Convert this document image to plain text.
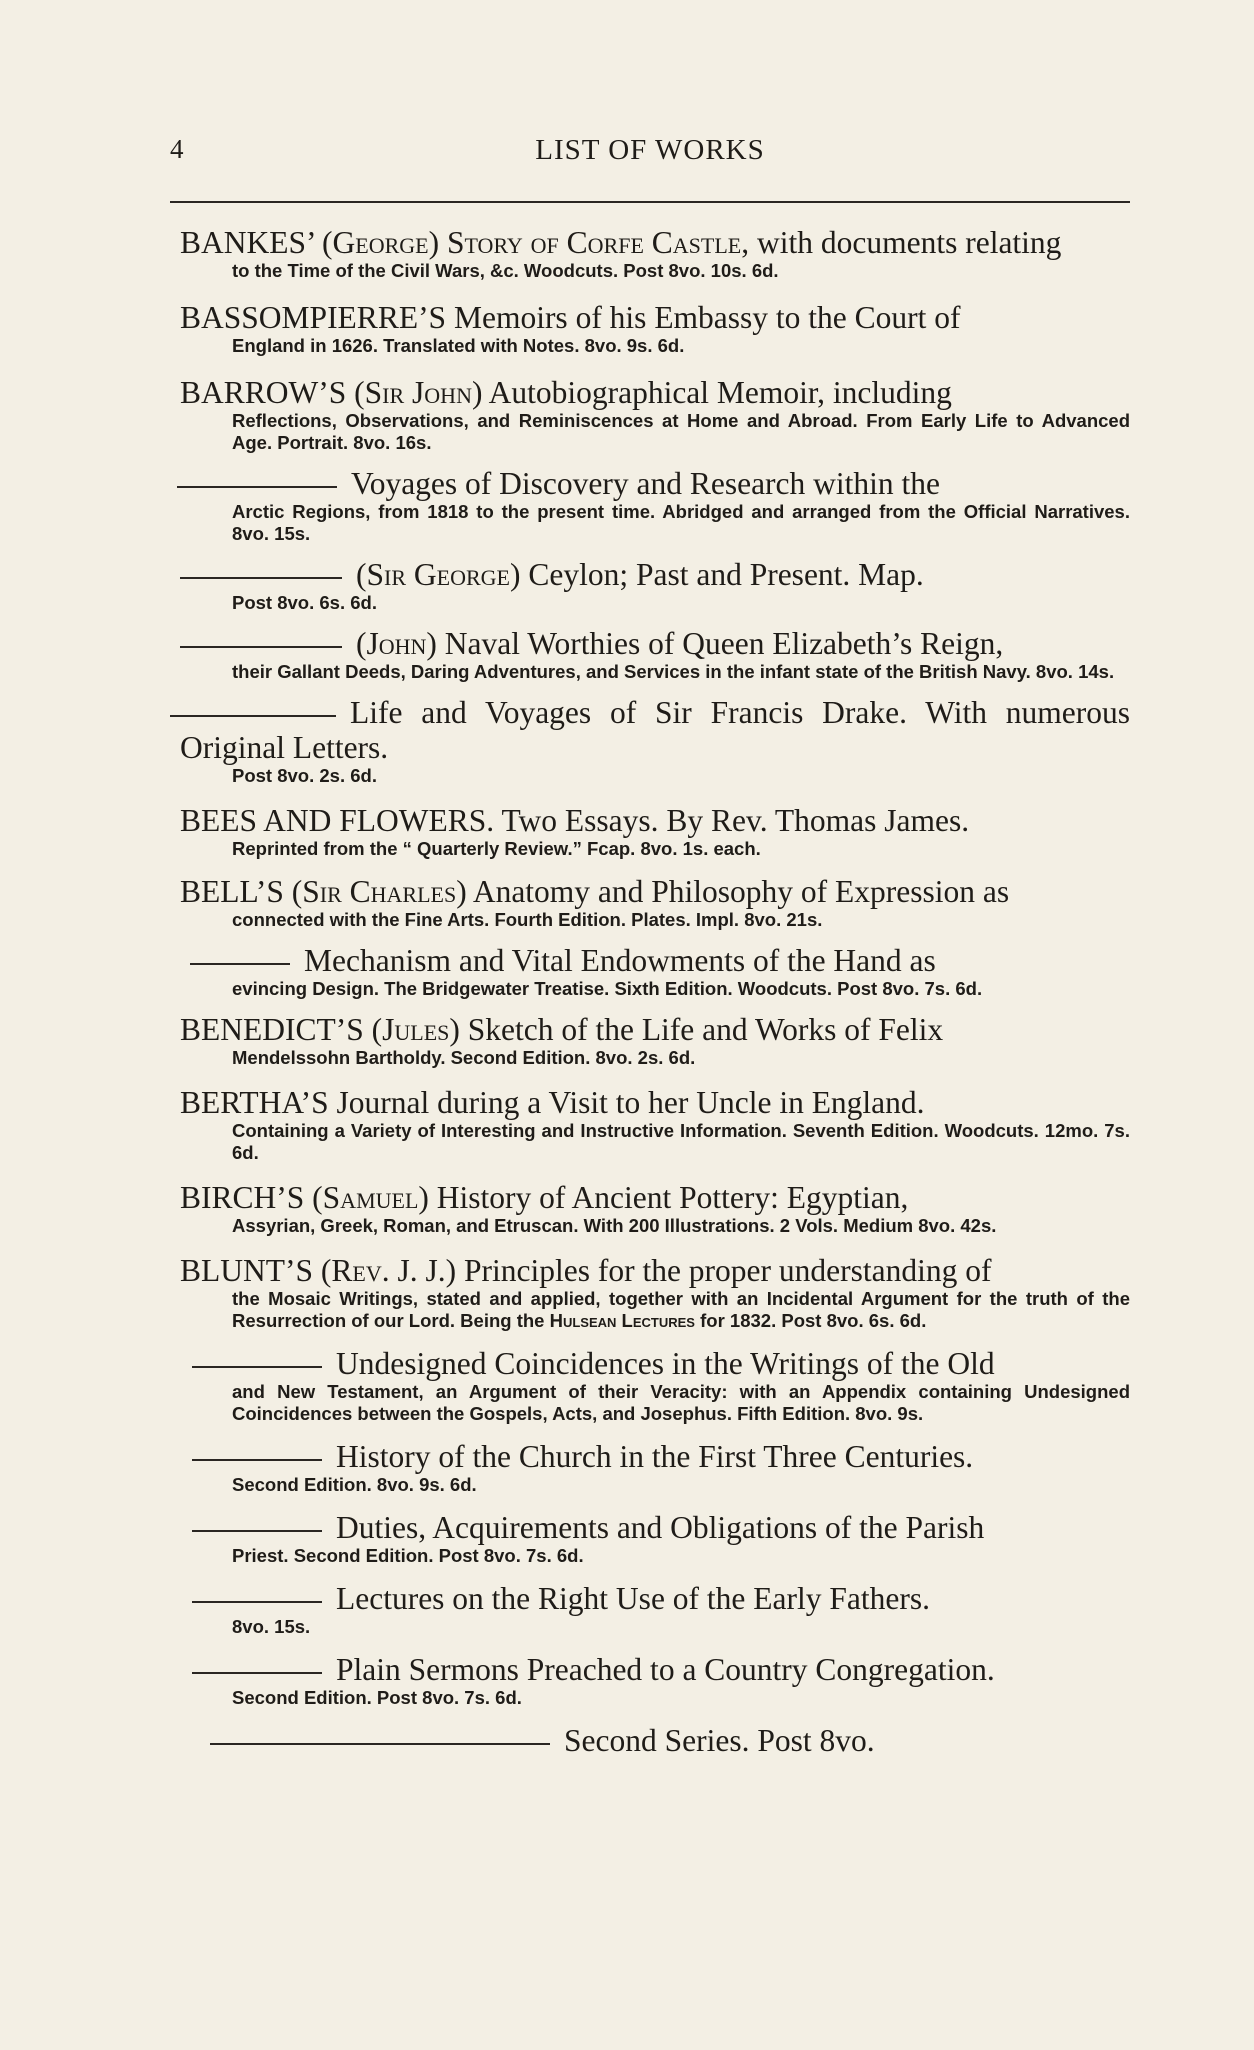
4	LIST OF WORKS
BANKES’ (George) Story of Corfe Castle, with documents relating
to the Time of the Civil Wars, &c. Woodcuts. Post 8vo. 10s. 6d.
BASSOMPIERRE’S Memoirs of his Embassy to the Court of
England in 1626. Translated with Notes. 8vo. 9s. 6d.
BARROW’S (Sir John) Autobiographical Memoir, including
Reflections, Observations, and Reminiscences at Home and Abroad. From Early Life to Advanced Age. Portrait. 8vo. 16s.
Voyages of Discovery and Research within the
Arctic Regions, from 1818 to the present time. Abridged and arranged from the Official Narratives. 8vo. 15s.
(Sir George) Ceylon; Past and Present. Map.
Post 8vo. 6s. 6d.
(John) Naval Worthies of Queen Elizabeth’s Reign,
their Gallant Deeds, Daring Adventures, and Services in the infant state of the British Navy. 8vo. 14s.
Life and Voyages of Sir Francis Drake. With numerous Original Letters.
Post 8vo. 2s. 6d.
BEES AND FLOWERS. Two Essays. By Rev. Thomas James.
Reprinted from the “ Quarterly Review.” Fcap. 8vo. 1s. each.
BELL’S (Sir Charles) Anatomy and Philosophy of Expression as
connected with the Fine Arts. Fourth Edition. Plates. Impl. 8vo. 21s.
Mechanism and Vital Endowments of the Hand as
evincing Design. The Bridgewater Treatise. Sixth Edition. Woodcuts. Post 8vo. 7s. 6d.
BENEDICT’S (Jules) Sketch of the Life and Works of Felix
Mendelssohn Bartholdy. Second Edition. 8vo. 2s. 6d.
BERTHA’S Journal during a Visit to her Uncle in England.
Containing a Variety of Interesting and Instructive Information. Seventh Edition. Woodcuts. 12mo. 7s. 6d.
BIRCH’S (Samuel) History of Ancient Pottery: Egyptian,
Assyrian, Greek, Roman, and Etruscan. With 200 Illustrations. 2 Vols. Medium 8vo. 42s.
BLUNT’S (Rev. J. J.) Principles for the proper understanding of
the Mosaic Writings, stated and applied, together with an Incidental Argument for the truth of the Resurrection of our Lord. Being the Hulsean Lectures for 1832. Post 8vo. 6s. 6d.
Undesigned Coincidences in the Writings of the Old
and New Testament, an Argument of their Veracity: with an Appendix containing Undesigned Coincidences between the Gospels, Acts, and Josephus. Fifth Edition. 8vo. 9s.
History of the Church in the First Three Centuries.
Second Edition. 8vo. 9s. 6d.
Duties, Acquirements and Obligations of the Parish
Priest. Second Edition. Post 8vo. 7s. 6d.
Lectures on the Right Use of the Early Fathers.
8vo. 15s.
Plain Sermons Preached to a Country Congregation.
Second Edition. Post 8vo. 7s. 6d.
Second Series. Post 8vo.
